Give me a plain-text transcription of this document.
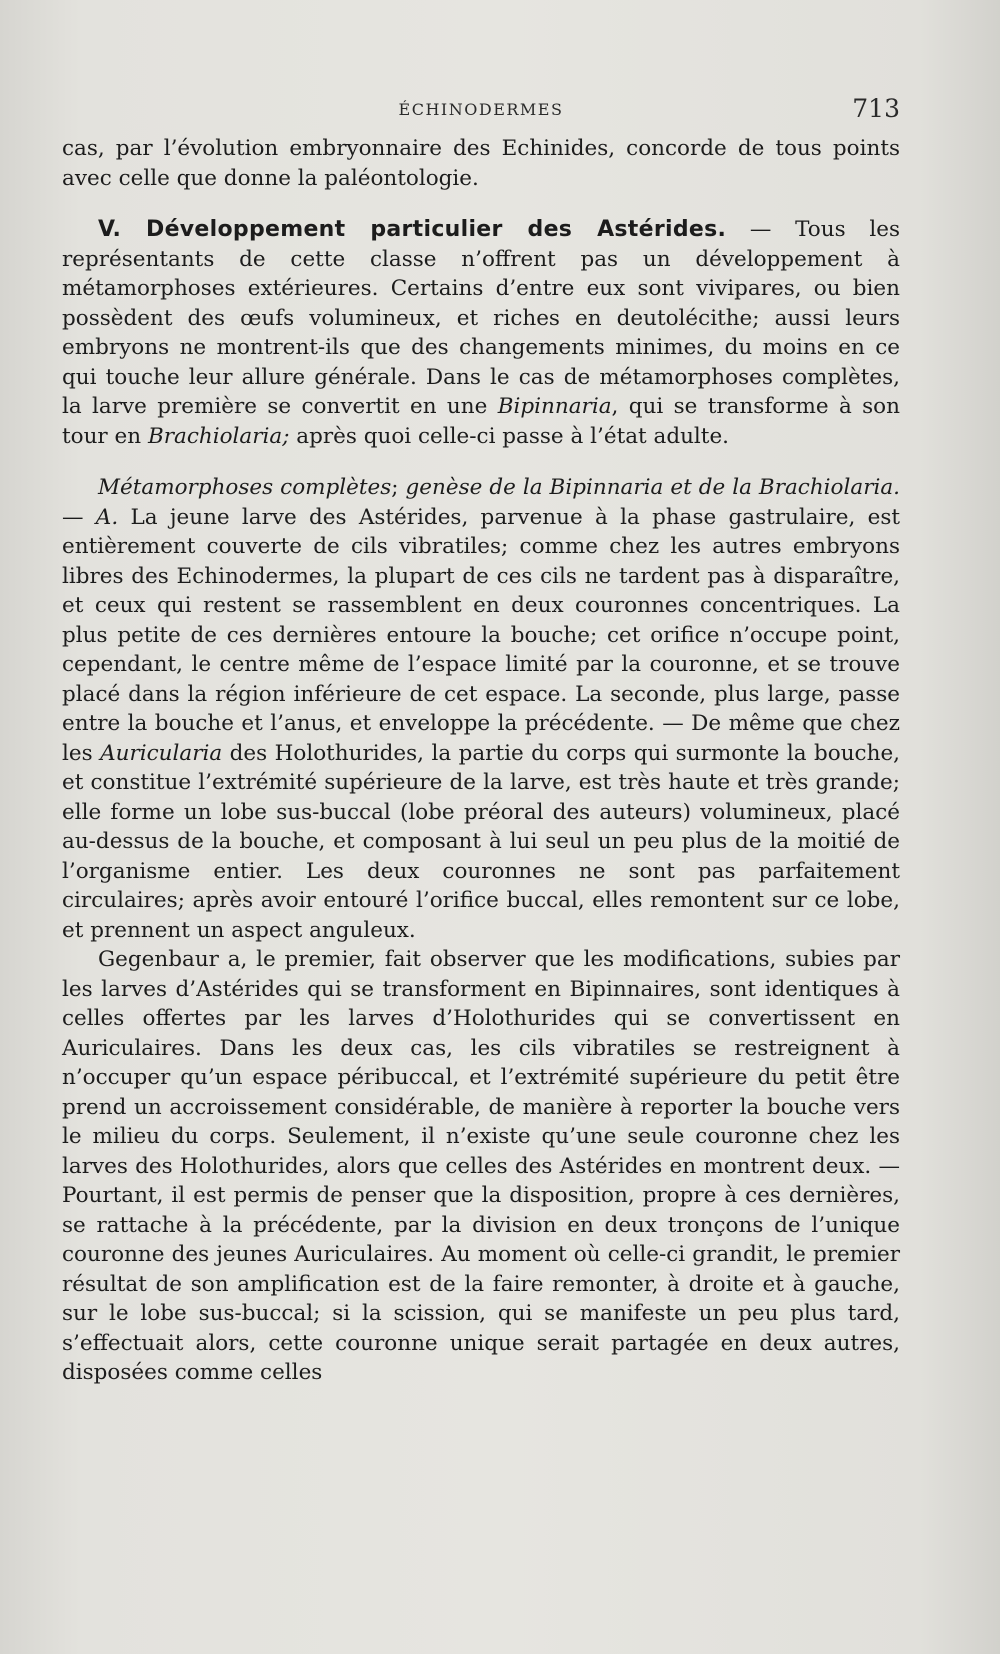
ÉCHINODERMES	713

cas, par l’évolution embryonnaire des Echinides, concorde de tous points avec celle que donne la paléontologie.

V. Développement particulier des Astérides. — Tous les représentants de cette classe n’offrent pas un développement à métamorphoses extérieures. Certains d’entre eux sont vivipares, ou bien possèdent des œufs volumineux, et riches en deutolécithe; aussi leurs embryons ne montrent-ils que des changements minimes, du moins en ce qui touche leur allure générale. Dans le cas de métamorphoses complètes, la larve première se convertit en une Bipinnaria, qui se transforme à son tour en Brachiolaria; après quoi celle-ci passe à l’état adulte.

Métamorphoses complètes; genèse de la Bipinnaria et de la Brachiolaria. — A. La jeune larve des Astérides, parvenue à la phase gastrulaire, est entièrement couverte de cils vibratiles; comme chez les autres embryons libres des Echinodermes, la plupart de ces cils ne tardent pas à disparaître, et ceux qui restent se rassemblent en deux couronnes concentriques. La plus petite de ces dernières entoure la bouche; cet orifice n’occupe point, cependant, le centre même de l’espace limité par la couronne, et se trouve placé dans la région inférieure de cet espace. La seconde, plus large, passe entre la bouche et l’anus, et enveloppe la précédente. — De même que chez les Auricularia des Holothurides, la partie du corps qui surmonte la bouche, et constitue l’extrémité supérieure de la larve, est très haute et très grande; elle forme un lobe sus-buccal (lobe préoral des auteurs) volumineux, placé au-dessus de la bouche, et composant à lui seul un peu plus de la moitié de l’organisme entier. Les deux couronnes ne sont pas parfaitement circulaires; après avoir entouré l’orifice buccal, elles remontent sur ce lobe, et prennent un aspect anguleux.

Gegenbaur a, le premier, fait observer que les modifications, subies par les larves d’Astérides qui se transforment en Bipinnaires, sont identiques à celles offertes par les larves d’Holothurides qui se convertissent en Auriculaires. Dans les deux cas, les cils vibratiles se restreignent à n’occuper qu’un espace péribuccal, et l’extrémité supérieure du petit être prend un accroissement considérable, de manière à reporter la bouche vers le milieu du corps. Seulement, il n’existe qu’une seule couronne chez les larves des Holothurides, alors que celles des Astérides en montrent deux. — Pourtant, il est permis de penser que la disposition, propre à ces dernières, se rattache à la précédente, par la division en deux tronçons de l’unique couronne des jeunes Auriculaires. Au moment où celle-ci grandit, le premier résultat de son amplification est de la faire remonter, à droite et à gauche, sur le lobe sus-buccal; si la scission, qui se manifeste un peu plus tard, s’effectuait alors, cette couronne unique serait partagée en deux autres, disposées comme celles
